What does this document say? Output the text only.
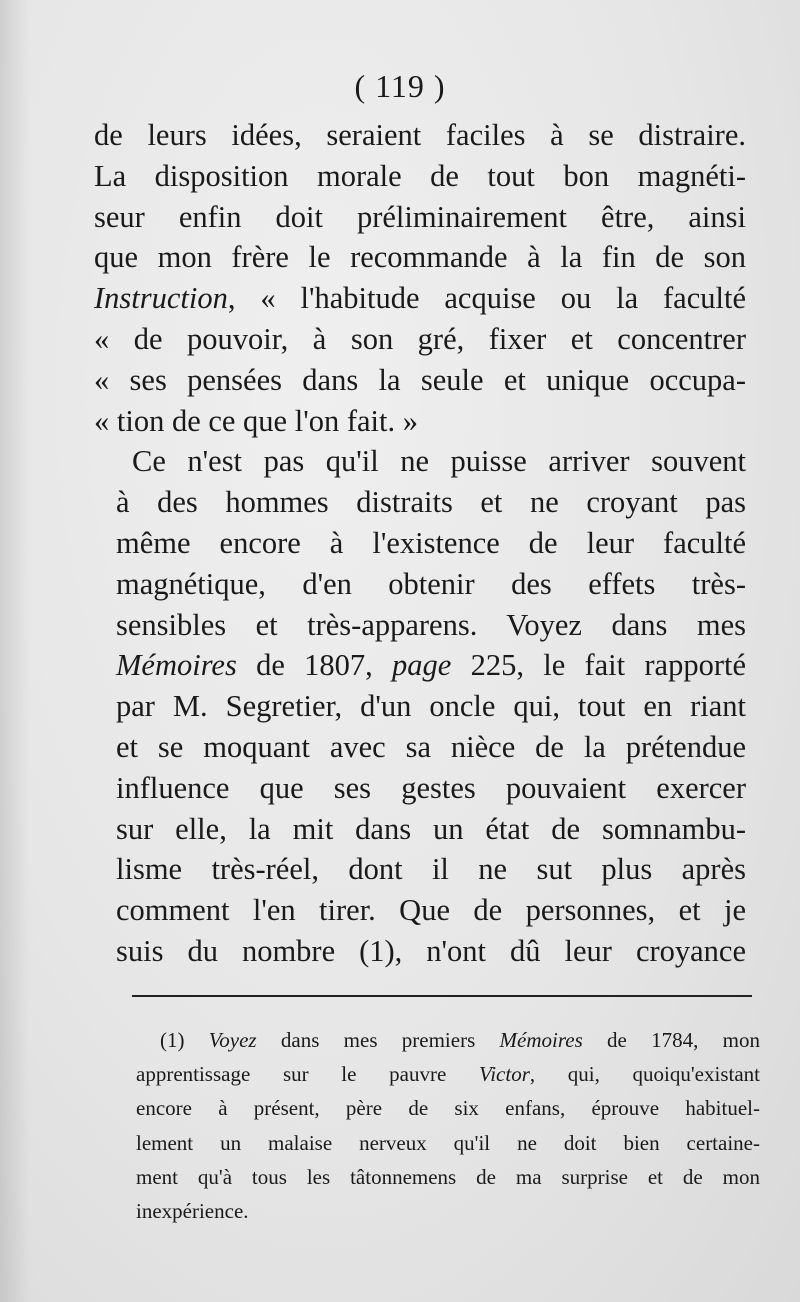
( 119 )
de leurs idées, seraient faciles à se distraire.
La disposition morale de tout bon magnéti-
seur enfin doit préliminairement être, ainsi
que mon frère le recommande à la fin de son
Instruction, « l'habitude acquise ou la faculté
« de pouvoir, à son gré, fixer et concentrer
« ses pensées dans la seule et unique occupa-
« tion de ce que l'on fait. »
Ce n'est pas qu'il ne puisse arriver souvent
à des hommes distraits et ne croyant pas
même encore à l'existence de leur faculté
magnétique, d'en obtenir des effets très-
sensibles et très-apparens. Voyez dans mes
Mémoires de 1807, page 225, le fait rapporté
par M. Segretier, d'un oncle qui, tout en riant
et se moquant avec sa nièce de la prétendue
influence que ses gestes pouvaient exercer
sur elle, la mit dans un état de somnambu-
lisme très-réel, dont il ne sut plus après
comment l'en tirer. Que de personnes, et je
suis du nombre (1), n'ont dû leur croyance
(1) Voyez dans mes premiers Mémoires de 1784, mon
apprentissage sur le pauvre Victor, qui, quoiqu'existant
encore à présent, père de six enfans, éprouve habituel-
lement un malaise nerveux qu'il ne doit bien certaine-
ment qu'à tous les tâtonnemens de ma surprise et de mon
inexpérience.
